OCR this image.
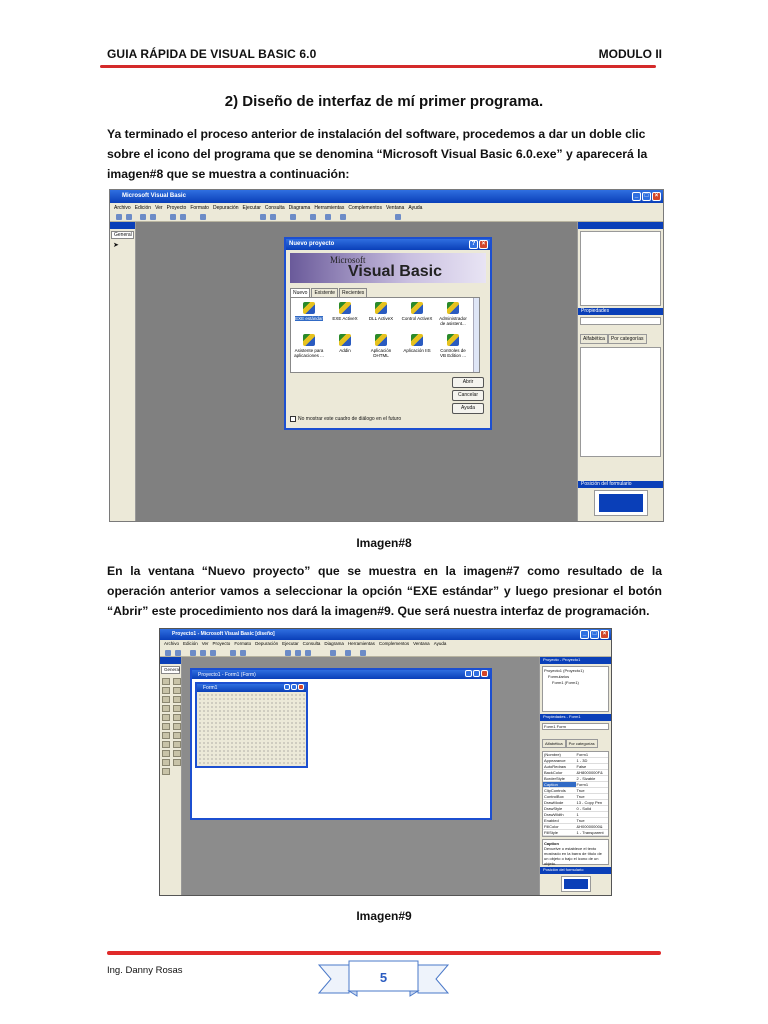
GUIA RÁPIDA DE VISUAL BASIC 6.0	MODULO II
2) Diseño de interfaz de mí primer programa.
Ya terminado el proceso anterior de instalación del software, procedemos a dar un doble clic sobre el icono del programa que se denomina “Microsoft Visual Basic 6.0.exe” y aparecerá la imagen#8 que se muestra a continuación:
Microsoft Visual Basic	_	□	×
Archivo Edición Ver Proyecto Formato Depuración Ejecutar Consulta Diagrama Herramientas Complementos Ventana Ayuda
General
➤
Propiedades
Alfabética Por categorías
Posición del formulario
Nuevo proyecto	?	×
Microsoft
Visual Basic
Nuevo	Existente	Recientes
EXE estándar	EXE ActiveX	DLL ActiveX	Control ActiveX	Administrador de asistent...
Asistente para aplicaciones ...
Addin	Aplicación DHTML
Aplicación IIS	Controles de VB Edition ...
Abrir
Cancelar
Ayuda
No mostrar este cuadro de diálogo en el futuro
Imagen#8
En la ventana “Nuevo proyecto” que se muestra en la imagen#7 como resultado de la operación anterior vamos a seleccionar la opción “EXE estándar” y luego presionar el botón “Abrir” este procedimiento nos dará la imagen#9. Que será nuestra interfaz de programación.
Proyecto1 - Microsoft Visual Basic [diseño]	_	□	×
Archivo Edición Ver Proyecto Formato Depuración Ejecutar Consulta Diagrama Herramientas Complementos Ventana Ayuda
General
Proyecto1 - Form1 (Form)
Form1
Proyecto - Proyecto1
Proyecto1 (Proyecto1)
Formularios
Form1 (Form1)
Propiedades - Form1
Form1 Form
Alfabética Por categorías
(Nombre)	Form1
Appearance	1 - 3D
AutoRedraw	False
BackColor	&H8000000F&
BorderStyle	2 - Sizable
Caption	Form1
ClipControls	True
ControlBox	True
DrawMode	13 - Copy Pen
DrawStyle	0 - Solid
DrawWidth	1
Enabled	True
FillColor	&H00000000&
FillStyle	1 - Transparent
Caption
Devuelve o establece el texto mostrado en la barra de título de un objeto o bajo el icono de un objeto.
Posición del formulario
Imagen#9
Ing. Danny Rosas	5
